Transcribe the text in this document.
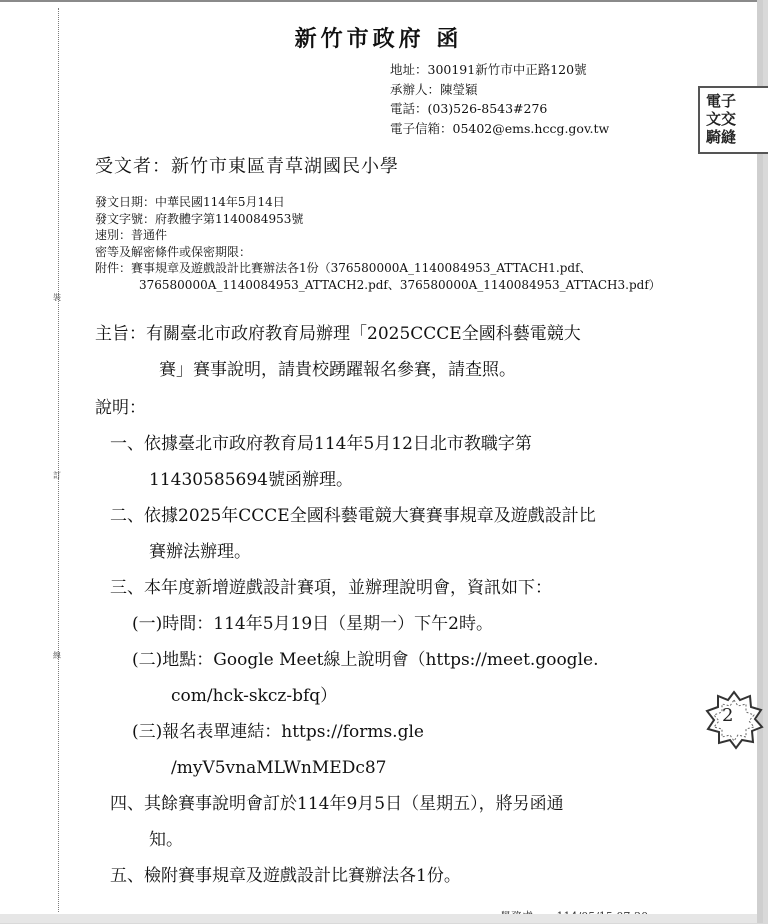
裝
訂
線
新竹市政府 函
地址：300191新竹市中正路120號
承辦人：陳瑩穎
電話：(03)526-8543#276
電子信箱：05402@ems.hccg.gov.tw
電子
文交
騎縫
受文者：新竹市東區青草湖國民小學
發文日期：中華民國114年5月14日
發文字號：府教體字第1140084953號
速別：普通件
密等及解密條件或保密期限：
附件：賽事規章及遊戲設計比賽辦法各1份（376580000A_1140084953_ATTACH1.pdf、
376580000A_1140084953_ATTACH2.pdf、376580000A_1140084953_ATTACH3.pdf）
主旨：有關臺北市政府教育局辦理「2025CCCE全國科藝電競大
賽」賽事說明，請貴校踴躍報名參賽，請查照。
說明：
一、依據臺北市政府教育局114年5月12日北市教職字第
11430585694號函辦理。
二、依據2025年CCCE全國科藝電競大賽賽事規章及遊戲設計比
賽辦法辦理。
三、本年度新增遊戲設計賽項，並辦理說明會，資訊如下：
(一)時間：114年5月19日（星期一）下午2時。
(二)地點：Google Meet線上說明會（https://meet.google.
com/hck-skcz-bfq）
(三)報名表單連結：https://forms.gle
/myV5vnaMLWnMEDc87
四、其餘賽事說明會訂於114年9月5日（星期五），將另函通
知。
五、檢附賽事規章及遊戲設計比賽辦法各1份。
2
